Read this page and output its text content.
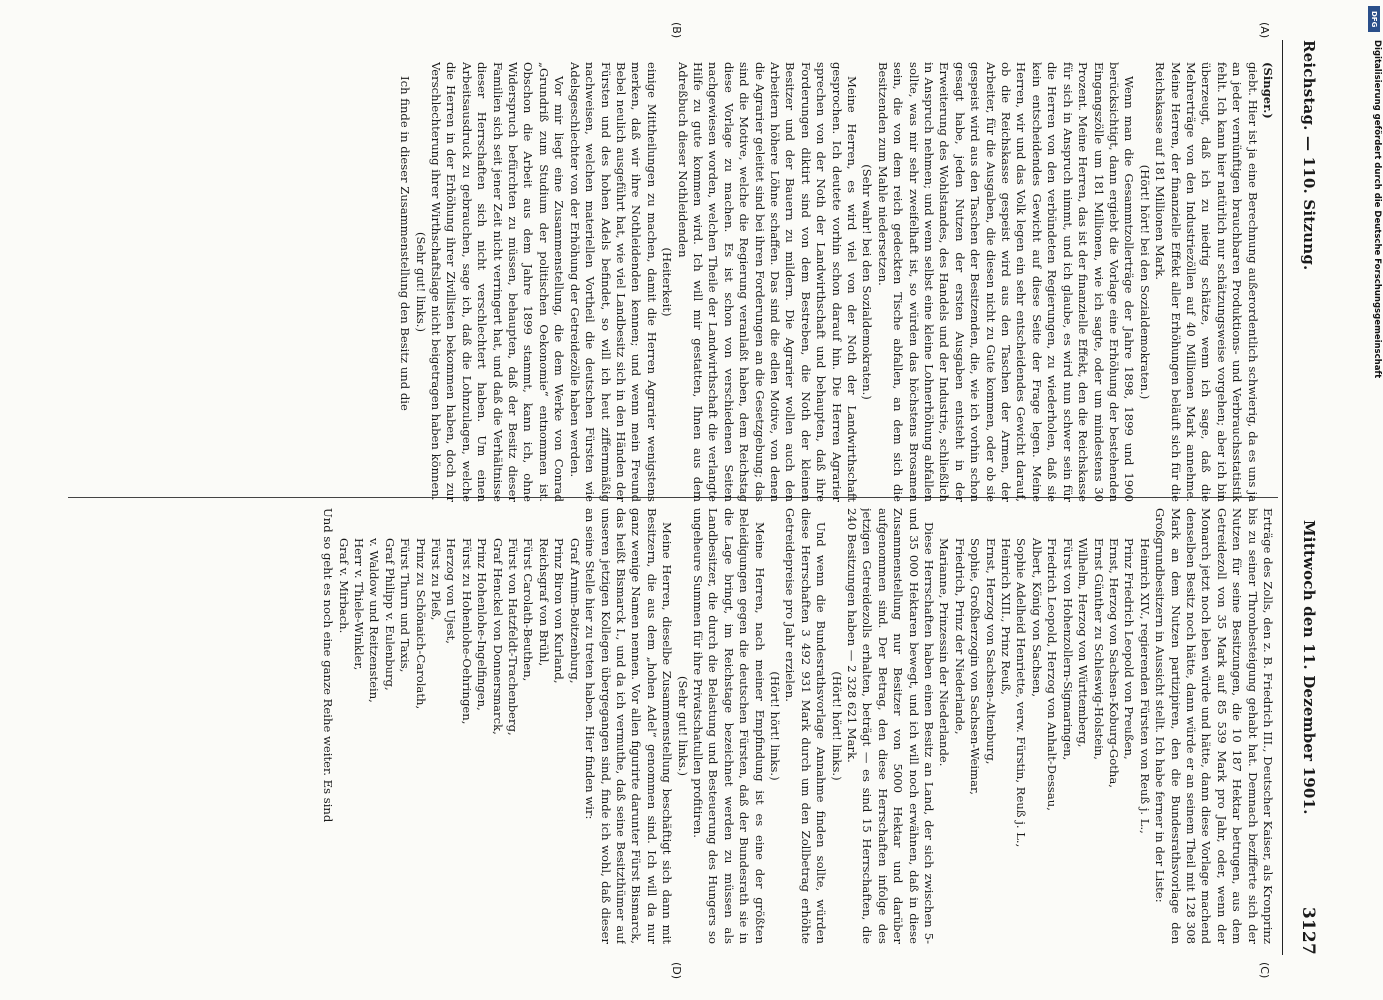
Reichstag. — 110. Sitzung.
Mittwoch den 11. Dezember 1901.
3127
(A)
(B)
(C)
(D)

(Singer.)

giebt. Hier ist ja eine Berechnung außerordentlich schwierig, da es uns ja an jeder vernünftigen brauchbaren Produktions- und Verbrauchsstatistik fehlt. Ich kann hier natürlich nur schätzungsweise vorgehen; aber ich bin überzeugt, daß ich zu niedrig schätze, wenn ich sage, daß die Mehrerträge von den Industriezöllen auf 40 Millionen Mark annehme. Meine Herren, der finanzielle Effekt aller Erhöhungen beläuft sich für die Reichskasse auf 181 Millionen Mark.

(Hört! hört! bei den Sozialdemokraten.)

Wenn man die Gesammtzollerträge der Jahre 1898, 1899 und 1900 berücksichtigt, dann ergiebt die Vorlage eine Erhöhung der bestehenden Eingangszölle um 181 Millionen, wie ich sagte, oder um mindestens 30 Prozent. Meine Herren, das ist der finanzielle Effekt, den die Reichskasse für sich in Anspruch nimmt, und ich glaube, es wird nun schwer sein für die Herren von den verbündeten Regierungen, zu wiederholen, daß sie kein entscheidendes Gewicht auf diese Seite der Frage legen. Meine Herren, wir und das Volk legen ein sehr entscheidendes Gewicht darauf, ob die Reichskasse gespeist wird aus den Taschen der Armen, der Arbeiter, für die Ausgaben, die diesen nicht zu Gute kommen, oder ob sie gespeist wird aus den Taschen der Besitzenden, die, wie ich vorhin schon gesagt habe, jeden Nutzen der ersten Ausgaben entsteht in der Erweiterung des Wohlstandes, des Handels und der Industrie, schließlich in Anspruch nehmen; und wenn selbst eine kleine Lohnerhöhung abfallen sollte, was mir sehr zweifelhaft ist, so würden das höchstens Brosamen sein, die von dem reich gedeckten Tische abfallen, an dem sich die Besitzenden zum Mahle niedersetzen.

(Sehr wahr! bei den Sozialdemokraten.)

Meine Herren, es wird viel von der Noth der Landwirthschaft gesprochen. Ich deutete vorhin schon darauf hin. Die Herren Agrarier sprechen von der Noth der Landwirthschaft und behaupten, daß ihre Forderungen diktirt sind von dem Bestreben, die Noth der kleinen Besitzer und der Bauern zu mildern. Die Agrarier wollen auch den Arbeitern höhere Löhne schaffen. Das sind die edlen Motive, von denen die Agrarier geleitet sind bei ihren Forderungen an die Gesetzgebung; das sind die Motive, welche die Regierung veranlaßt haben, dem Reichstag diese Vorlage zu machen. Es ist schon von verschiedenen Seiten nachgewiesen worden, welchen Theile der Landwirthschaft die verlangte Hilfe zu gute kommen wird. Ich will mir gestatten, Ihnen aus dem Adreßbuch dieser Nothleidenden

(Heiterkeit)

einige Mittheilungen zu machen, damit die Herren Agrarier wenigstens merken, daß wir ihre Nothleidenden kennen; und wenn mein Freund Bebel neulich ausgeführt hat, wie viel Landbesitz sich in den Händen der Fürsten und des hohen Adels befindet, so will ich heut ziffernmäßig nachweisen, welchen materiellen Vortheil die deutschen Fürsten wie Adelsgeschlechter von der Erhöhung der Getreidezölle haben werden.

Vor mir liegt eine Zusammenstellung, die dem Werke von Conrad „Grundriß zum Studium der politischen Oekonomie“ entnommen ist. Obschon die Arbeit aus dem Jahre 1899 stammt, kann ich, ohne Widerspruch befürchten zu müssen, behaupten, daß der Besitz dieser Familien sich seit jener Zeit nicht verringert hat, und daß die Verhältnisse dieser Herrschaften sich nicht verschlechtert haben. Um einen Arbeitsausdruck zu gebrauchen, sage ich, daß die Lohnzulagen, welche die Herren in der Erhöhung ihrer Zivillisten bekommen haben, doch zur Verschlechterung ihrer Wirthschaftslage nicht beigetragen haben können.

(Sehr gut! links.)

Ich finde in dieser Zusammenstellung den Besitz und die

Erträge des Zolls, den z. B. Friedrich III., Deutscher Kaiser, als Kronprinz bis zu seiner Thronbesteigung gehabt hat. Demnach bezifferte sich der Nutzen für seine Besitzungen, die 10 187 Hektar betrugen, aus dem Getreidezoll von 35 Mark auf 85 539 Mark pro Jahr, oder, wenn der Monarch jetzt noch leben würde und hätte, dann diese Vorlage machend denselben Besitz noch hätte, dann würde er an seinem Theil mit 128 308 Mark an dem Nutzen partizipiren, den die Bundesrathsvorlage den Großgrundbesitzern in Aussicht stellt. Ich habe ferner in der Liste:

Heinrich XIV., regierenden Fürsten von Reuß j. L.,

Prinz Friedrich Leopold von Preußen,

Ernst, Herzog von Sachsen-Koburg-Gotha,

Ernst Günther zu Schleswig-Holstein,

Wilhelm, Herzog von Württemberg,

Fürst von Hohenzollern-Sigmaringen,

Friedrich Leopold, Herzog von Anhalt-Dessau,

Albert, König von Sachsen,

Sophie Adelheid Henriette, verw. Fürstin, Reuß j. L.,

Heinrich XIII., Prinz Reuß,

Ernst, Herzog von Sachsen-Altenburg,

Sophie, Großherzogin von Sachsen-Weimar,

Friedrich, Prinz der Niederlande,

Marianne, Prinzessin der Niederlande.

Diese Herrschaften haben einen Besitz an Land, der sich zwischen 5- und 35 000 Hektaren bewegt, und ich will noch erwähnen, daß in diese Zusammenstellung nur Besitzer von 5000 Hektar und darüber aufgenommen sind. Der Betrag, den diese Herrschaften infolge des jetzigen Getreidezolls erhalten, beträgt — es sind 15 Herrschaften, die 240 Besitzungen haben — 2 328 621 Mark.

(Hört! hört! links.)

Und wenn die Bundesrathsvorlage Annahme finden sollte, würden diese Herrschaften 3 492 931 Mark durch um den Zollbetrag erhöhte Getreidepreise pro Jahr erzielen.

(Hört! hört! links.)

Meine Herren, nach meiner Empfindung ist es eine der größten Beleidigungen gegen die deutschen Fürsten, daß der Bundesrath sie in die Lage bringt, im Reichstage bezeichnet werden zu müssen als Landbesitzer, die durch die Belastung und Besteuerung des Hungers so ungeheure Summen für ihre Privatschatullen profitiren.

(Sehr gut! links.)

Meine Herren, dieselbe Zusammenstellung beschäftigt sich dann mit Besitzern, die aus dem „hohen Adel“ genommen sind. Ich will da nur ganz wenige Namen nennen. Vor allen figurirte darunter Fürst Bismarck, das heißt Bismarck I., und da ich vermuthe, daß seine Besitzthümer auf unseren jetzigen Kollegen übergegangen sind, finde ich wohl, daß dieser an seine Stelle hier zu treten haben. Hier finden wir:

Graf Arnim-Boitzenburg,

Prinz Biron von Kurland,

Reichsgraf von Brühl,

Fürst Carolath-Beuthen,

Fürst von Hatzfeldt-Trachenberg,

Graf Henckel von Donnersmarck,

Prinz Hohenlohe-Ingelfingen,

Fürst zu Hohenlohe-Oehringen,

Herzog von Ujest,

Fürst zu Pleß,

Prinz zu Schönaich-Carolath,

Fürst Thurn und Taxis,

Graf Philipp v. Eulenburg,

v. Waldow und Reitzenstein,

Herr v. Thiele-Winkler,

Graf v. Mirbach.

Und so geht es noch eine ganze Reihe weiter. Es sind

DFG
Digitalisierung gefördert durch die Deutsche Forschungsgemeinschaft
